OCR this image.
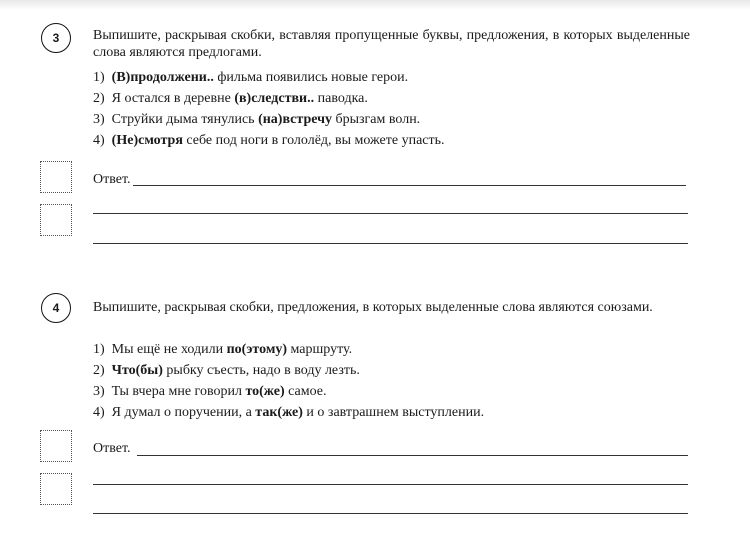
3	Выпишите, раскрывая скобки, вставляя пропущенные буквы, предложения, в которых выделенные слова являются предлогами.
1) (В)продолжени.. фильма появились новые герои.
2) Я остался в деревне (в)следстви.. паводка.
3) Струйки дыма тянулись (на)встречу брызгам волн.
4) (Не)смотря себе под ноги в гололёд, вы можете упасть.
Ответ.
4	Выпишите, раскрывая скобки, предложения, в которых выделенные слова являются союзами.
1) Мы ещё не ходили по(этому) маршруту.
2) Что(бы) рыбку съесть, надо в воду лезть.
3) Ты вчера мне говорил то(же) самое.
4) Я думал о поручении, а так(же) и о завтрашнем выступлении.
Ответ.
